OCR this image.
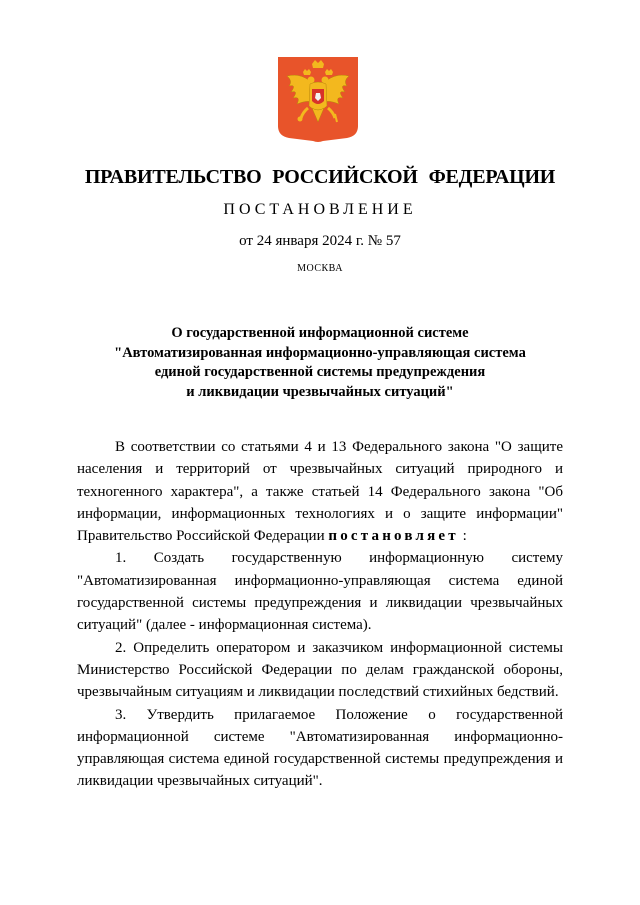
ПРАВИТЕЛЬСТВО РОССИЙСКОЙ ФЕДЕРАЦИИ
ПОСТАНОВЛЕНИЕ
от 24 января 2024 г. № 57
МОСКВА
О государственной информационной системе
"Автоматизированная информационно-управляющая система
единой государственной системы предупреждения
и ликвидации чрезвычайных ситуаций"

В соответствии со статьями 4 и 13 Федерального закона "О защите населения и территорий от чрезвычайных ситуаций природного и техногенного характера", а также статьей 14 Федерального закона "Об информации, информационных технологиях и о защите информации" Правительство Российской Федерации постановляет :

1. Создать государственную информационную систему "Автоматизированная информационно-управляющая система единой государственной системы предупреждения и ликвидации чрезвычайных ситуаций" (далее - информационная система).

2. Определить оператором и заказчиком информационной системы Министерство Российской Федерации по делам гражданской обороны, чрезвычайным ситуациям и ликвидации последствий стихийных бедствий.

3. Утвердить прилагаемое Положение о государственной информационной системе "Автоматизированная информационно-управляющая система единой государственной системы предупреждения и ликвидации чрезвычайных ситуаций".
